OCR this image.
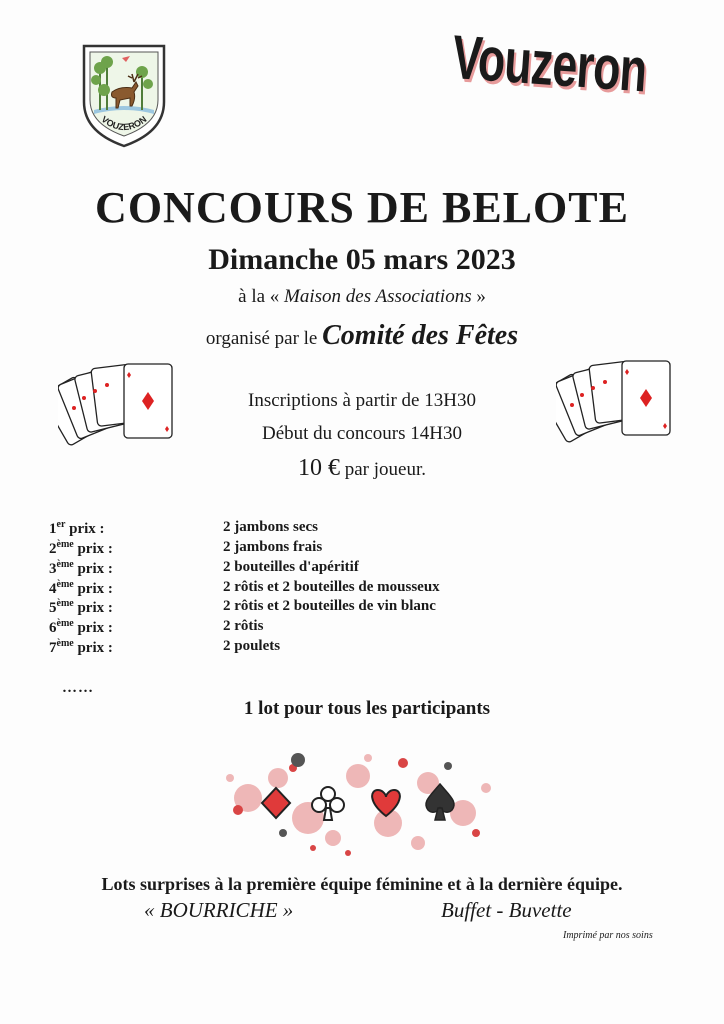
VOUZERON
Vouzeron
CONCOURS DE BELOTE
Dimanche 05 mars 2023
à la « Maison des Associations »
organisé par le Comité des Fêtes
Inscriptions à partir de 13H30
Début du concours 14H30
10 € par joueur.
1er prix :	2 jambons secs
2ème prix :	2 jambons frais
3ème prix :	2 bouteilles d'apéritif
4ème prix :	2 rôtis et 2 bouteilles de mousseux
5ème prix :	2 rôtis et 2 bouteilles de vin blanc
6ème prix :	2 rôtis
7ème prix :	2 poulets
……
1 lot pour tous les participants
Lots surprises à la première équipe féminine et à la dernière équipe.
« BOURRICHE »	Buffet - Buvette
Imprimé par nos soins
